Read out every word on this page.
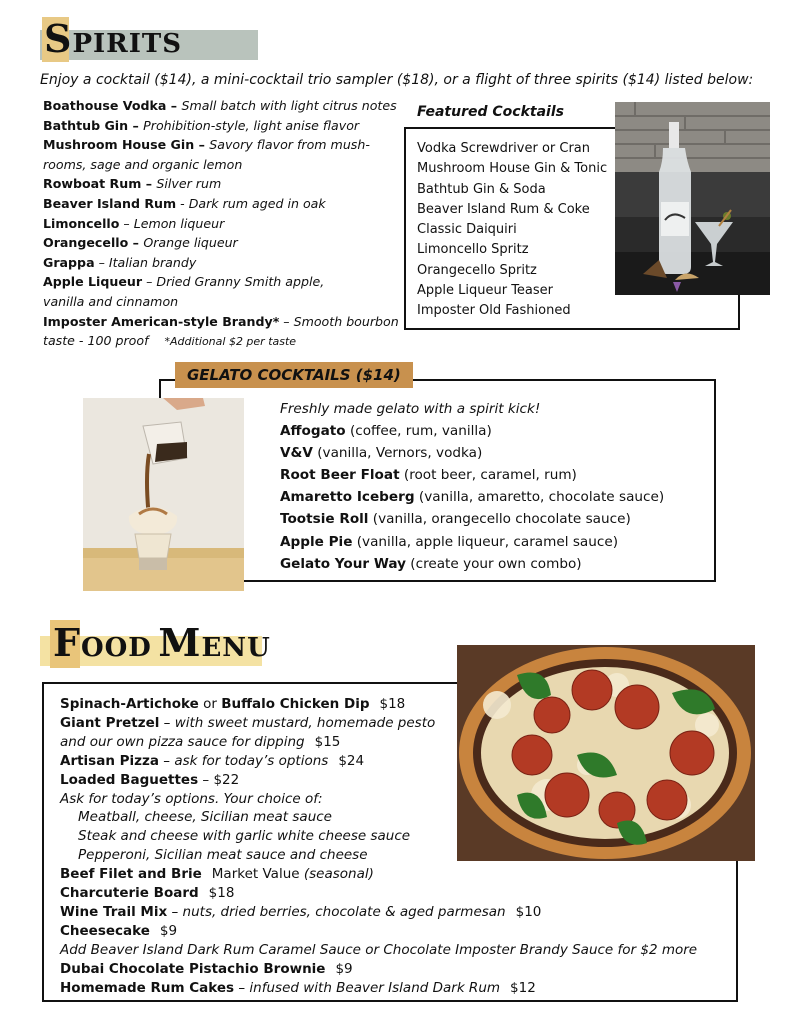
SPIRITS
Enjoy a cocktail ($14), a mini-cocktail trio sampler ($18), or a flight of three spirits ($14) listed below:
Boathouse Vodka – Small batch with light citrus notes
Bathtub Gin – Prohibition-style, light anise flavor
Mushroom House Gin – Savory flavor from mush-
rooms, sage and organic lemon
Rowboat Rum – Silver rum
Beaver Island Rum - Dark rum aged in oak
Limoncello – Lemon liqueur
Orangecello – Orange liqueur
Grappa – Italian brandy
Apple Liqueur – Dried Granny Smith apple,
vanilla and cinnamon
Imposter American-style Brandy* – Smooth bourbon
taste - 100 proof *Additional $2 per taste
Featured Cocktails
Vodka Screwdriver or Cran
Mushroom House Gin & Tonic
Bathtub Gin & Soda
Beaver Island Rum & Coke
Classic Daiquiri
Limoncello Spritz
Orangecello Spritz
Apple Liqueur Teaser
Imposter Old Fashioned
GELATO COCKTAILS ($14)
Freshly made gelato with a spirit kick!
Affogato (coffee, rum, vanilla)
V&V (vanilla, Vernors, vodka)
Root Beer Float (root beer, caramel, rum)
Amaretto Iceberg (vanilla, amaretto, chocolate sauce)
Tootsie Roll (vanilla, orangecello chocolate sauce)
Apple Pie (vanilla, apple liqueur, caramel sauce)
Gelato Your Way (create your own combo)
FOOD MENU
Spinach-Artichoke or Buffalo Chicken Dip $18
Giant Pretzel – with sweet mustard, homemade pesto
and our own pizza sauce for dipping $15
Artisan Pizza – ask for today’s options $24
Loaded Baguettes – $22
Ask for today’s options. Your choice of:
Meatball, cheese, Sicilian meat sauce
Steak and cheese with garlic white cheese sauce
Pepperoni, Sicilian meat sauce and cheese
Beef Filet and Brie Market Value (seasonal)
Charcuterie Board $18
Wine Trail Mix – nuts, dried berries, chocolate & aged parmesan $10
Cheesecake $9
Add Beaver Island Dark Rum Caramel Sauce or Chocolate Imposter Brandy Sauce for $2 more
Dubai Chocolate Pistachio Brownie $9
Homemade Rum Cakes – infused with Beaver Island Dark Rum $12
